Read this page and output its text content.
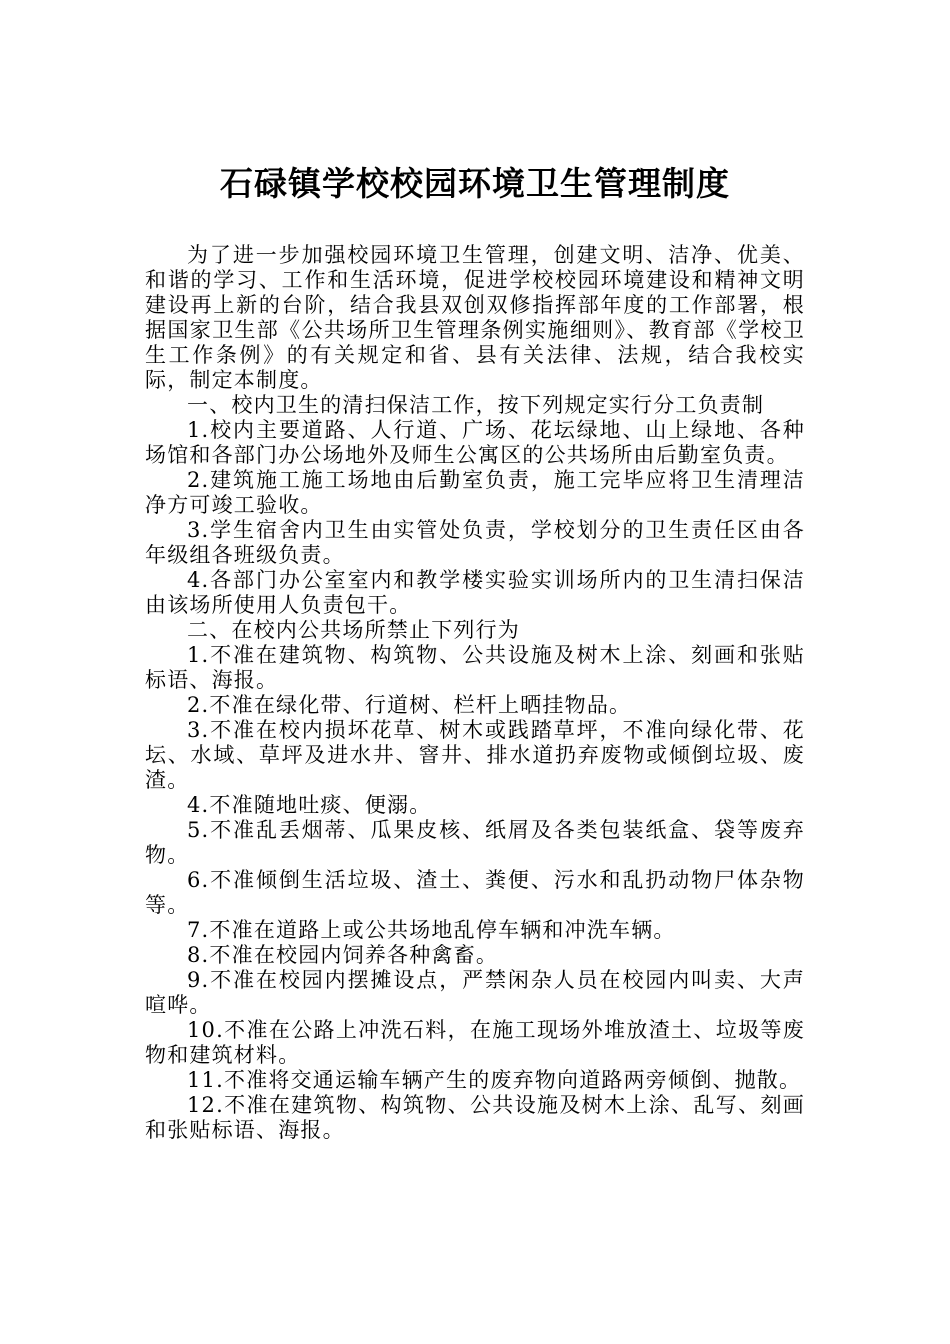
石碌镇学校校园环境卫生管理制度

为了进一步加强校园环境卫生管理，创建文明、洁净、优美、和谐的学习、工作和生活环境，促进学校校园环境建设和精神文明建设再上新的台阶，结合我县双创双修指挥部年度的工作部署，根据国家卫生部《公共场所卫生管理条例实施细则》、教育部《学校卫生工作条例》的有关规定和省、县有关法律、法规，结合我校实际，制定本制度。

一、校内卫生的清扫保洁工作，按下列规定实行分工负责制

1.校内主要道路、人行道、广场、花坛绿地、山上绿地、各种场馆和各部门办公场地外及师生公寓区的公共场所由后勤室负责。

2.建筑施工施工场地由后勤室负责，施工完毕应将卫生清理洁净方可竣工验收。

3.学生宿舍内卫生由实管处负责，学校划分的卫生责任区由各年级组各班级负责。

4.各部门办公室室内和教学楼实验实训场所内的卫生清扫保洁由该场所使用人负责包干。

二、在校内公共场所禁止下列行为

1.不准在建筑物、构筑物、公共设施及树木上涂、刻画和张贴标语、海报。

2.不准在绿化带、行道树、栏杆上晒挂物品。

3.不准在校内损坏花草、树木或践踏草坪，不准向绿化带、花坛、水域、草坪及进水井、窨井、排水道扔弃废物或倾倒垃圾、废渣。

4.不准随地吐痰、便溺。

5.不准乱丢烟蒂、瓜果皮核、纸屑及各类包装纸盒、袋等废弃物。

6.不准倾倒生活垃圾、渣土、粪便、污水和乱扔动物尸体杂物等。

7.不准在道路上或公共场地乱停车辆和冲洗车辆。

8.不准在校园内饲养各种禽畜。

9.不准在校园内摆摊设点，严禁闲杂人员在校园内叫卖、大声喧哗。

10.不准在公路上冲洗石料，在施工现场外堆放渣土、垃圾等废物和建筑材料。

11.不准将交通运输车辆产生的废弃物向道路两旁倾倒、抛散。

12.不准在建筑物、构筑物、公共设施及树木上涂、乱写、刻画和张贴标语、海报。
